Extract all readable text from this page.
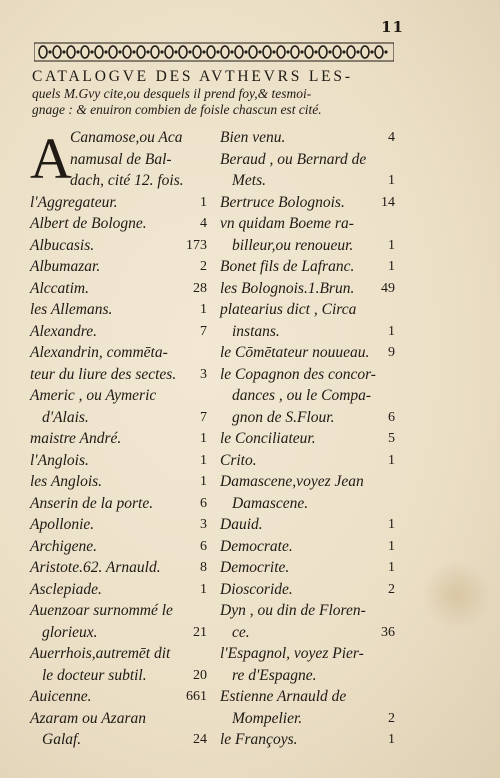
11
CATALOGVE DES AVTHEVRS LES-
quels M.Gvy cite,ou desquels il prend foy,& tesmoi-
gnage : & enuiron combien de foisle chascun est cité.
A
Canamose,ou Aca
namusal de Bal-
dach, cité 12. fois.
l'Aggregateur.	1
Albert de Bologne.	4
Albucasis.	173
Albumazar.	2
Alccatim.	28
les Allemans.	1
Alexandre.	7
Alexandrin, commēta-
teur du liure des sectes. 3
Americ , ou Aymeric
d'Alais.	7
maistre André.	1
l'Anglois.	1
les Anglois.	1
Anserin de la porte.	6
Apollonie.	3
Archigene.	6
Aristote.62. Arnauld.	8
Asclepiade.	1
Auenzoar surnommé le
glorieux.	21
Auerrhois,autremēt dit
le docteur subtil.	20
Auicenne.	661
Azaram ou Azaran
Galaf.	24
Bien venu.	4
Beraud , ou Bernard de
Mets.	1
Bertruce Bolognois.	14
vn quidam Boeme ra-
billeur,ou renoueur. 1
Bonet fils de Lafranc. 1
les Bolognois.1.Brun. 49
platearius dict , Circa
instans.	1
le Cōmētateur nouueau. 9
le Copagnon des concor-
dances , ou le Compa-
gnon de S.Flour.	6
le Conciliateur.	5
Crito.	1
Damascene,voyez Jean
Damascene.
Dauid.	1
Democrate.	1
Democrite.	1
Dioscoride.	2
Dyn , ou din de Floren-
ce.	36
l'Espagnol, voyez Pier-
re d'Espagne.
Estienne Arnauld de
Mompelier.	2
le Françoys.	1
